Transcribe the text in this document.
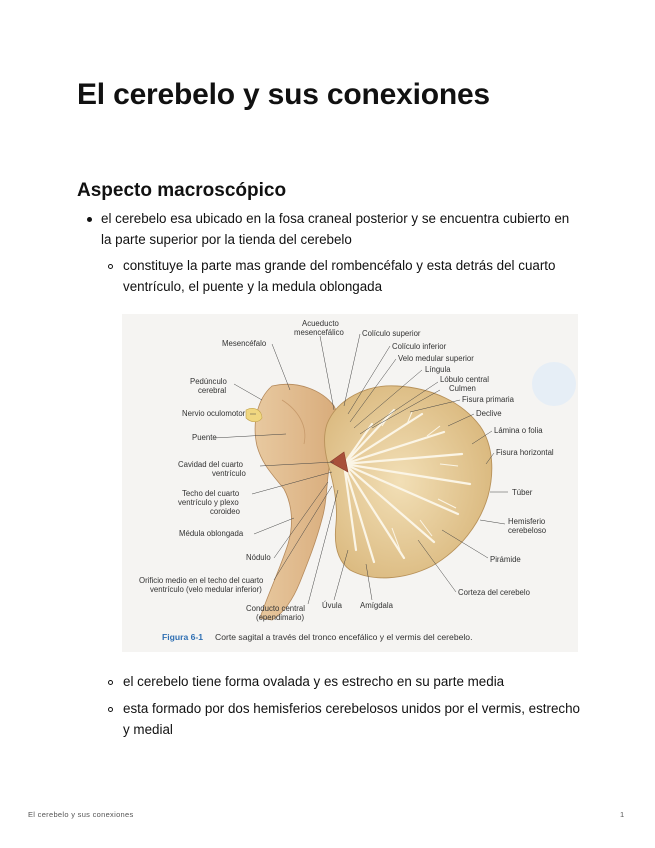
El cerebelo y sus conexiones
Aspecto macroscópico
el cerebelo esa ubicado en la fosa craneal posterior y se encuentra cubierto en la parte superior por la tienda del cerebelo
constituye la parte mas grande del rombencéfalo y esta detrás del cuarto ventrículo, el puente y la medula oblongada
Acueducto
mesencefálico Colículo superior
Colículo inferior
Velo medular superior
Língula
Lóbulo central
Culmen
Fisura primaria
Declive
Lámina o folia
Fisura horizontal
Túber
Hemisferio
cerebeloso
Pirámide
Corteza del cerebelo
Amígdala
Úvula
Conducto central
(ependimario)
Orificio medio en el techo del cuarto
ventrículo (velo medular inferior)
Nódulo
Médula oblongada
Techo del cuarto
ventrículo y plexo
coroideo
Cavidad del cuarto
ventrículo
Puente
Nervio oculomotor
Pedúnculo
cerebral
Mesencéfalo
Figura 6-1 Corte sagital a través del tronco encefálico y el vermis del cerebelo.
el cerebelo tiene forma ovalada y es estrecho en su parte media
esta formado por dos hemisferios cerebelosos unidos por el vermis, estrecho y medial
El cerebelo y sus conexiones	1
